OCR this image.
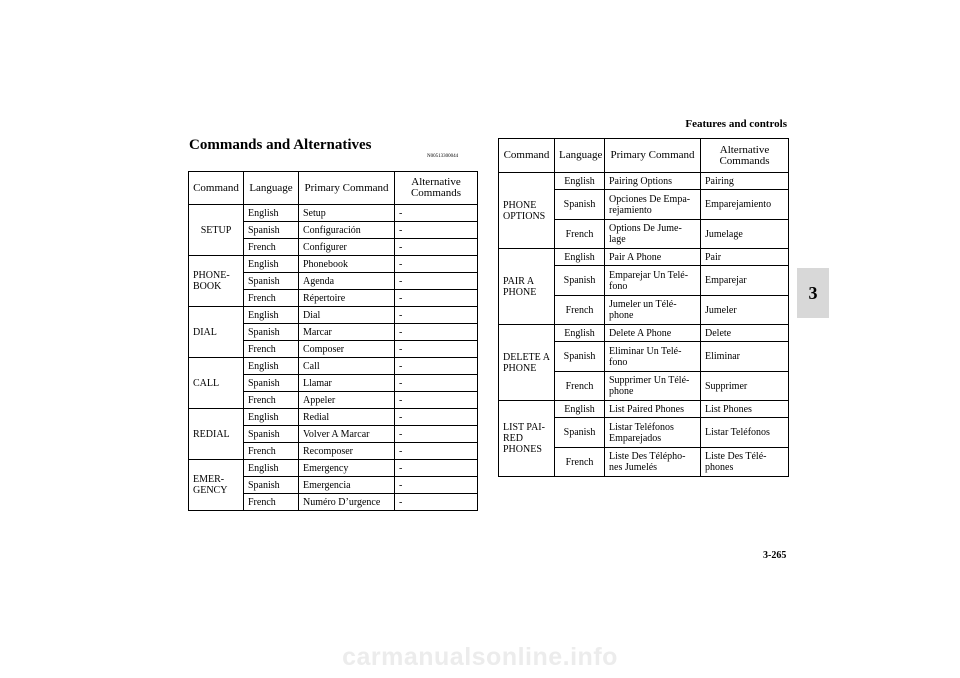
Features and controls
3
Commands and Alternatives
N00513300044
Command	Language	Primary Command	Alternative Commands
SETUP	English	Setup	-
	Spanish	Configuración	-
	French	Configurer	-
PHONE-BOOK	English	Phonebook	-
	Spanish	Agenda	-
	French	Répertoire	-
DIAL	English	Dial	-
	Spanish	Marcar	-
	French	Composer	-
CALL	English	Call	-
	Spanish	Llamar	-
	French	Appeler	-
REDIAL	English	Redial	-
	Spanish	Volver A Marcar	-
	French	Recomposer	-
EMER-GENCY	English	Emergency	-
	Spanish	Emergencia	-
	French	Numéro D’urgence	-
Command	Language	Primary Command	Alternative Commands
PHONE OPTIONS	English	Pairing Options	Pairing
	Spanish	Opciones De Empa-rejamiento	Emparejamiento
	French	Options De Jume-lage	Jumelage
PAIR A PHONE	English	Pair A Phone	Pair
	Spanish	Emparejar Un Telé-fono	Emparejar
	French	Jumeler un Télé-phone	Jumeler
DELETE A PHONE	English	Delete A Phone	Delete
	Spanish	Eliminar Un Telé-fono	Eliminar
	French	Supprimer Un Télé-phone	Supprimer
LIST PAI-RED PHONES	English	List Paired Phones	List Phones
	Spanish	Listar Teléfonos Emparejados	Listar Teléfonos
	French	Liste Des Télépho-nes Jumelés	Liste Des Télé-phones
3-265
carmanualsonline.info
